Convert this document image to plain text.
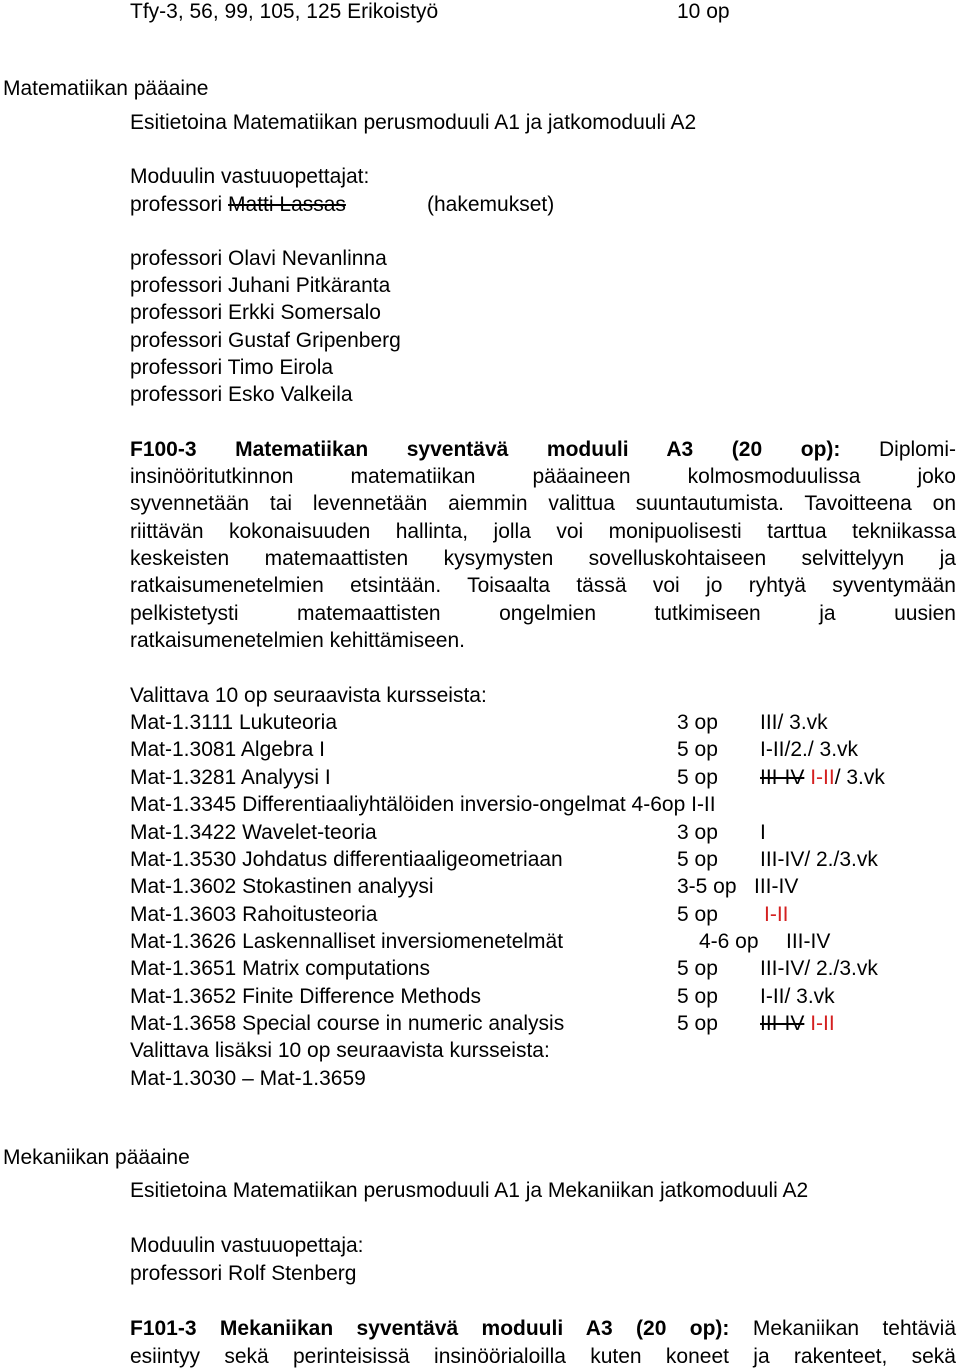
Tfy-3, 56, 99, 105, 125 Erikoistyö	10 op
Matematiikan pääaine
Esitietoina Matematiikan perusmoduuli A1 ja jatkomoduuli A2
Moduulin vastuuopettajat:
professori Matti Lassas	(hakemukset)
professori Olavi Nevanlinna
professori Juhani Pitkäranta
professori Erkki Somersalo
professori Gustaf Gripenberg
professori Timo Eirola
professori Esko Valkeila
F100-3 Matematiikan syventävä moduuli A3 (20 op): Diplomi-
insinööritutkinnon matematiikan pääaineen kolmosmoduulissa joko
syvennetään tai levennetään aiemmin valittua suuntautumista. Tavoitteena on
riittävän kokonaisuuden hallinta, jolla voi monipuolisesti tarttua tekniikassa
keskeisten matemaattisten kysymysten sovelluskohtaiseen selvittelyyn ja
ratkaisumenetelmien etsintään. Toisaalta tässä voi jo ryhtyä syventymään
pelkistetysti matemaattisten ongelmien tutkimiseen ja uusien
ratkaisumenetelmien kehittämiseen.
Valittava 10 op seuraavista kursseista:
Mat-1.3111 Lukuteoria	3 op III/ 3.vk
Mat-1.3081 Algebra I	5 op I-II/2./ 3.vk
Mat-1.3281 Analyysi I	5 op III-IV I-II/ 3.vk
Mat-1.3345 Differentiaaliyhtälöiden inversio-ongelmat 4-6op I-II
Mat-1.3422 Wavelet-teoria	3 op I
Mat-1.3530 Johdatus differentiaaligeometriaan	5 op III-IV/ 2./3.vk
Mat-1.3602 Stokastinen analyysi	3-5 op III-IV
Mat-1.3603 Rahoitusteoria	5 op I-II
Mat-1.3626 Laskennalliset inversiomenetelmät	4-6 op III-IV
Mat-1.3651 Matrix computations	5 op III-IV/ 2./3.vk
Mat-1.3652 Finite Difference Methods	5 op I-II/ 3.vk
Mat-1.3658 Special course in numeric analysis	5 op III-IV I-II
Valittava lisäksi 10 op seuraavista kursseista:
Mat-1.3030 – Mat-1.3659
Mekaniikan pääaine
Esitietoina Matematiikan perusmoduuli A1 ja Mekaniikan jatkomoduuli A2
Moduulin vastuuopettaja:
professori Rolf Stenberg
F101-3 Mekaniikan syventävä moduuli A3 (20 op): Mekaniikan tehtäviä
esiintyy sekä perinteisissä insinöörialoilla kuten koneet ja rakenteet, sekä
